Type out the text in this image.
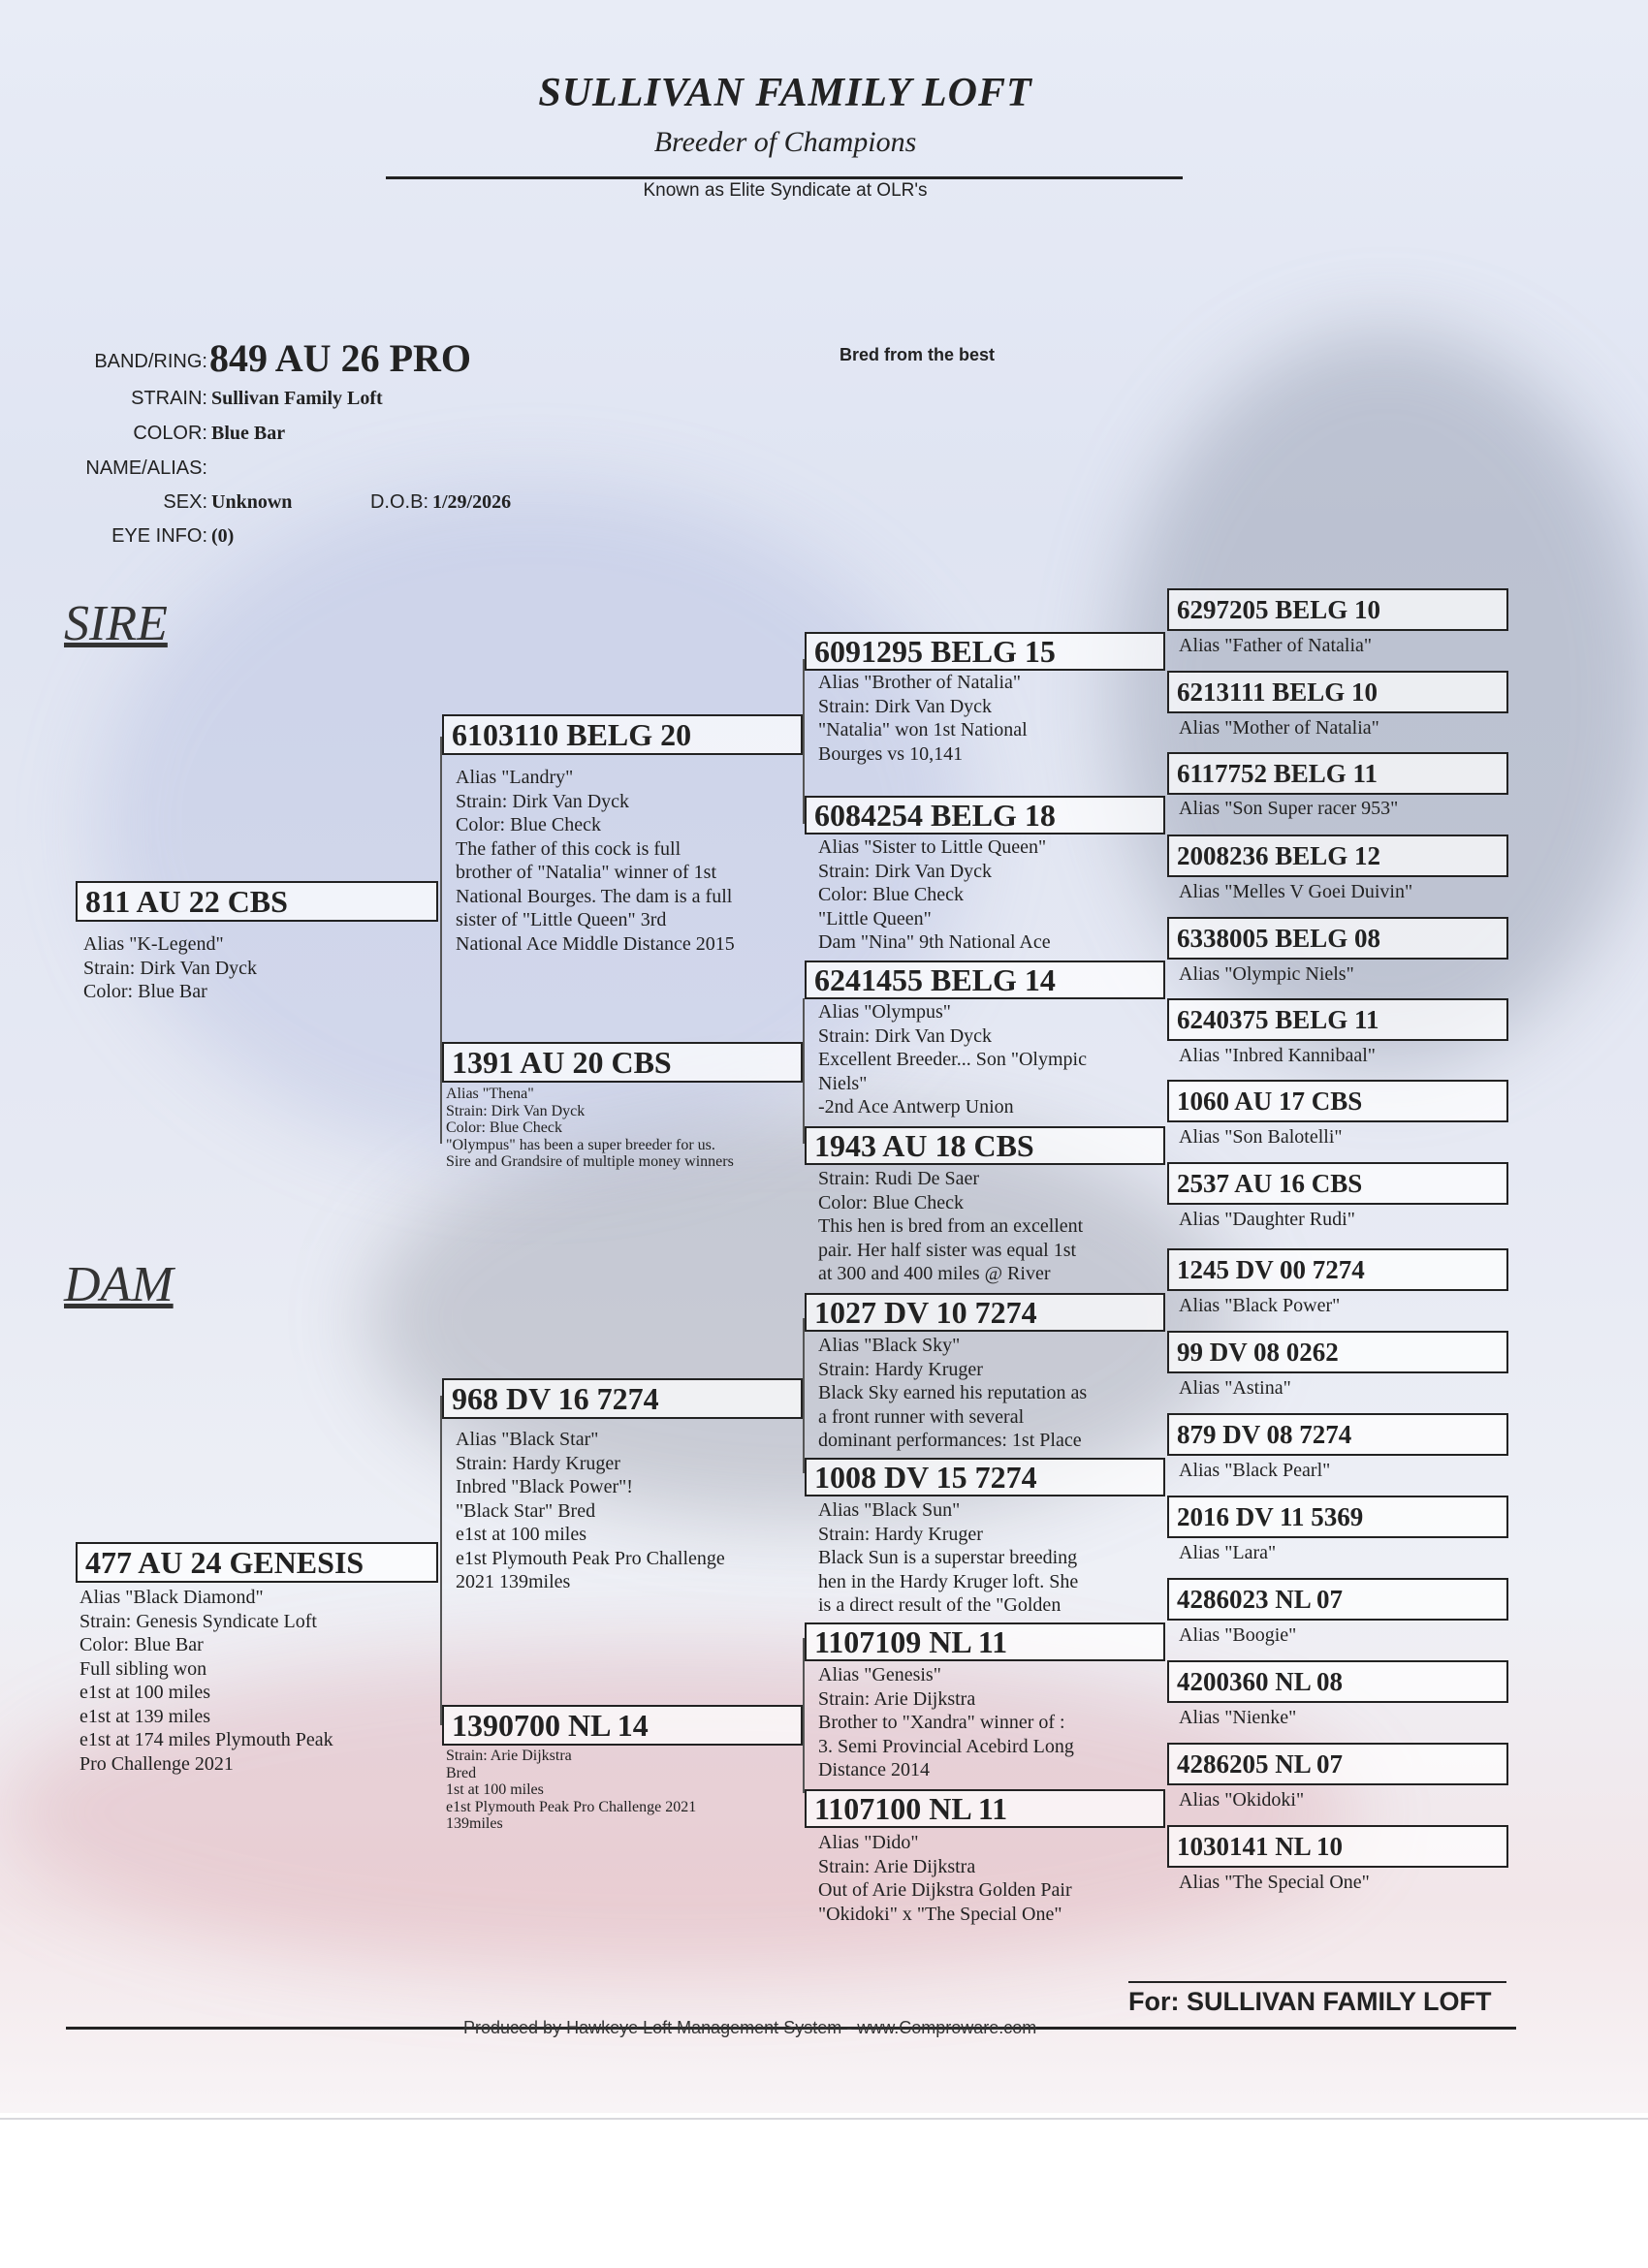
SULLIVAN FAMILY LOFT
Breeder of Champions
Known as Elite Syndicate at OLR's
Bred from the best
BAND/RING: 849 AU 26 PRO
STRAIN: Sullivan Family Loft
COLOR: Blue Bar
NAME/ALIAS:
SEX: Unknown	D.O.B: 1/29/2026
EYE INFO: (0)
SIRE
DAM
811 AU 22 CBS
Alias "K-Legend"
Strain: Dirk Van Dyck
Color: Blue Bar
477 AU 24 GENESIS
Alias "Black Diamond"
Strain: Genesis Syndicate Loft
Color: Blue Bar
Full sibling won
e1st at 100 miles
e1st at 139 miles
e1st at 174 miles Plymouth Peak
Pro Challenge 2021
6103110 BELG 20
Alias "Landry"
Strain: Dirk Van Dyck
Color: Blue Check
The father of this cock is full
brother of "Natalia" winner of 1st
National Bourges. The dam is a full
sister of "Little Queen" 3rd
National Ace Middle Distance 2015
1391 AU 20 CBS
Alias "Thena"
Strain: Dirk Van Dyck
Color: Blue Check
"Olympus" has been a super breeder for us.
Sire and Grandsire of multiple money winners
968 DV 16 7274
Alias "Black Star"
Strain: Hardy Kruger
Inbred "Black Power"!
"Black Star" Bred
e1st at 100 miles
e1st Plymouth Peak Pro Challenge
2021 139miles
1390700 NL 14
Strain: Arie Dijkstra
Bred
1st at 100 miles
e1st Plymouth Peak Pro Challenge 2021
139miles
6091295 BELG 15
Alias "Brother of Natalia"
Strain: Dirk Van Dyck
"Natalia" won 1st National
Bourges vs 10,141
6084254 BELG 18
Alias "Sister to Little Queen"
Strain: Dirk Van Dyck
Color: Blue Check
"Little Queen"
Dam "Nina" 9th National Ace
6241455 BELG 14
Alias "Olympus"
Strain: Dirk Van Dyck
Excellent Breeder... Son "Olympic
Niels"
-2nd Ace Antwerp Union
1943 AU 18 CBS
Strain: Rudi De Saer
Color: Blue Check
This hen is bred from an excellent
pair. Her half sister was equal 1st
at 300 and 400 miles @ River
1027 DV 10 7274
Alias "Black Sky"
Strain: Hardy Kruger
Black Sky earned his reputation as
a front runner with several
dominant performances: 1st Place
1008 DV 15 7274
Alias "Black Sun"
Strain: Hardy Kruger
Black Sun is a superstar breeding
hen in the Hardy Kruger loft. She
is a direct result of the "Golden
1107109 NL 11
Alias "Genesis"
Strain: Arie Dijkstra
Brother to "Xandra" winner of :
3. Semi Provincial Acebird Long
Distance 2014
1107100 NL 11
Alias "Dido"
Strain: Arie Dijkstra
Out of Arie Dijkstra Golden Pair
"Okidoki" x "The Special One"
6297205 BELG 10
Alias "Father of Natalia"
6213111 BELG 10
Alias "Mother of Natalia"
6117752 BELG 11
Alias "Son Super racer 953"
2008236 BELG 12
Alias "Melles V Goei Duivin"
6338005 BELG 08
Alias "Olympic Niels"
6240375 BELG 11
Alias "Inbred Kannibaal"
1060 AU 17 CBS
Alias "Son Balotelli"
2537 AU 16 CBS
Alias "Daughter Rudi"
1245 DV 00 7274
Alias "Black Power"
99 DV 08 0262
Alias "Astina"
879 DV 08 7274
Alias "Black Pearl"
2016 DV 11 5369
Alias "Lara"
4286023 NL 07
Alias "Boogie"
4200360 NL 08
Alias "Nienke"
4286205 NL 07
Alias "Okidoki"
1030141 NL 10
Alias "The Special One"
For: SULLIVAN FAMILY LOFT
Produced by Hawkeye Loft Management System - www.Comproware.com
